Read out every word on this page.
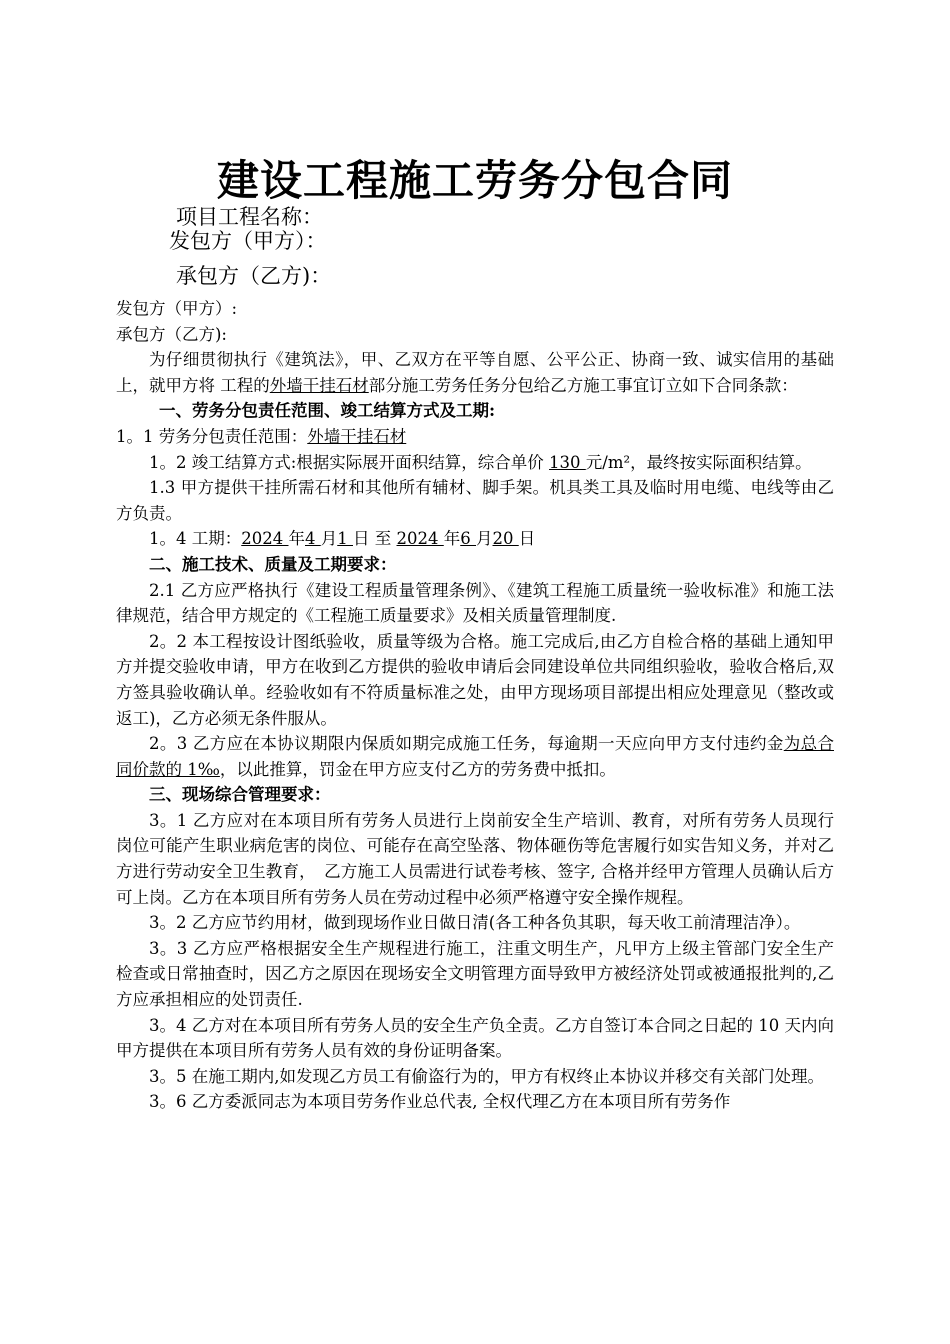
建设工程施工劳务分包合同
项目工程名称：
发包方（甲方）：
承包方（乙方)：

发包方（甲方）:

承包方（乙方):

为仔细贯彻执行《建筑法》，甲、乙双方在平等自愿、公平公正、协商一致、诚实信用的基础上，就甲方将 工程的外墙干挂石材部分施工劳务任务分包给乙方施工事宜订立如下合同条款：

一、劳务分包责任范围、竣工结算方式及工期:

1。1 劳务分包责任范围：外墙干挂石材

1。2 竣工结算方式:根据实际展开面积结算，综合单价 130 元/m²，最终按实际面积结算。

1.3 甲方提供干挂所需石材和其他所有辅材、脚手架。机具类工具及临时用电缆、电线等由乙方负责。

1。4 工期：2024 年4 月1 日 至 2024 年6 月20 日

二、施工技术、质量及工期要求：

2.1 乙方应严格执行《建设工程质量管理条例》、《建筑工程施工质量统一验收标准》和施工法律规范，结合甲方规定的《工程施工质量要求》及相关质量管理制度.

2。2 本工程按设计图纸验收，质量等级为合格。施工完成后,由乙方自检合格的基础上通知甲方并提交验收申请，甲方在收到乙方提供的验收申请后会同建设单位共同组织验收，验收合格后,双方签具验收确认单。经验收如有不符质量标准之处，由甲方现场项目部提出相应处理意见（整改或返工)，乙方必须无条件服从。

2。3 乙方应在本协议期限内保质如期完成施工任务，每逾期一天应向甲方支付违约金为总合同价款的 1‰，以此推算，罚金在甲方应支付乙方的劳务费中抵扣。

三、现场综合管理要求：

3。1 乙方应对在本项目所有劳务人员进行上岗前安全生产培训、教育，对所有劳务人员现行岗位可能产生职业病危害的岗位、可能存在高空坠落、物体砸伤等危害履行如实告知义务，并对乙方进行劳动安全卫生教育，　乙方施工人员需进行试卷考核、签字, 合格并经甲方管理人员确认后方可上岗。乙方在本项目所有劳务人员在劳动过程中必须严格遵守安全操作规程。

3。2 乙方应节约用材，做到现场作业日做日清(各工种各负其职，每天收工前清理洁净）。

3。3 乙方应严格根据安全生产规程进行施工，注重文明生产，凡甲方上级主管部门安全生产检查或日常抽查时，因乙方之原因在现场安全文明管理方面导致甲方被经济处罚或被通报批判的,乙方应承担相应的处罚责任.

3。4 乙方对在本项目所有劳务人员的安全生产负全责。乙方自签订本合同之日起的 10 天内向甲方提供在本项目所有劳务人员有效的身份证明备案。

3。5 在施工期内,如发现乙方员工有偷盗行为的，甲方有权终止本协议并移交有关部门处理。

3。6 乙方委派同志为本项目劳务作业总代表, 全权代理乙方在本项目所有劳务作
